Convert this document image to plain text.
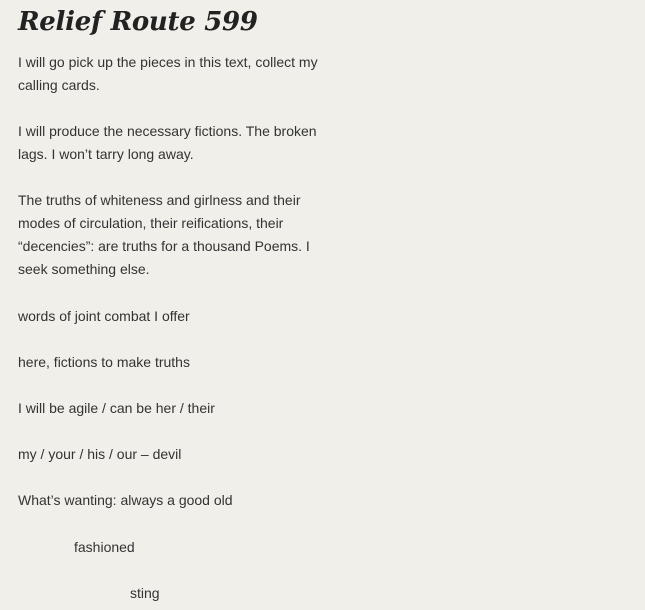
Relief Route 599

I will go pick up the pieces in this text, collect my calling cards.

I will produce the necessary fictions. The broken lags. I won’t tarry long away.

The truths of whiteness and girlness and their modes of circulation, their reifications, their “decencies”: are truths for a thousand Poems. I seek something else.

words of joint combat I offer

here, fictions to make truths

I will be agile / can be her / their

my / your / his / our – devil

What’s wanting: always a good old

fashioned

sting
